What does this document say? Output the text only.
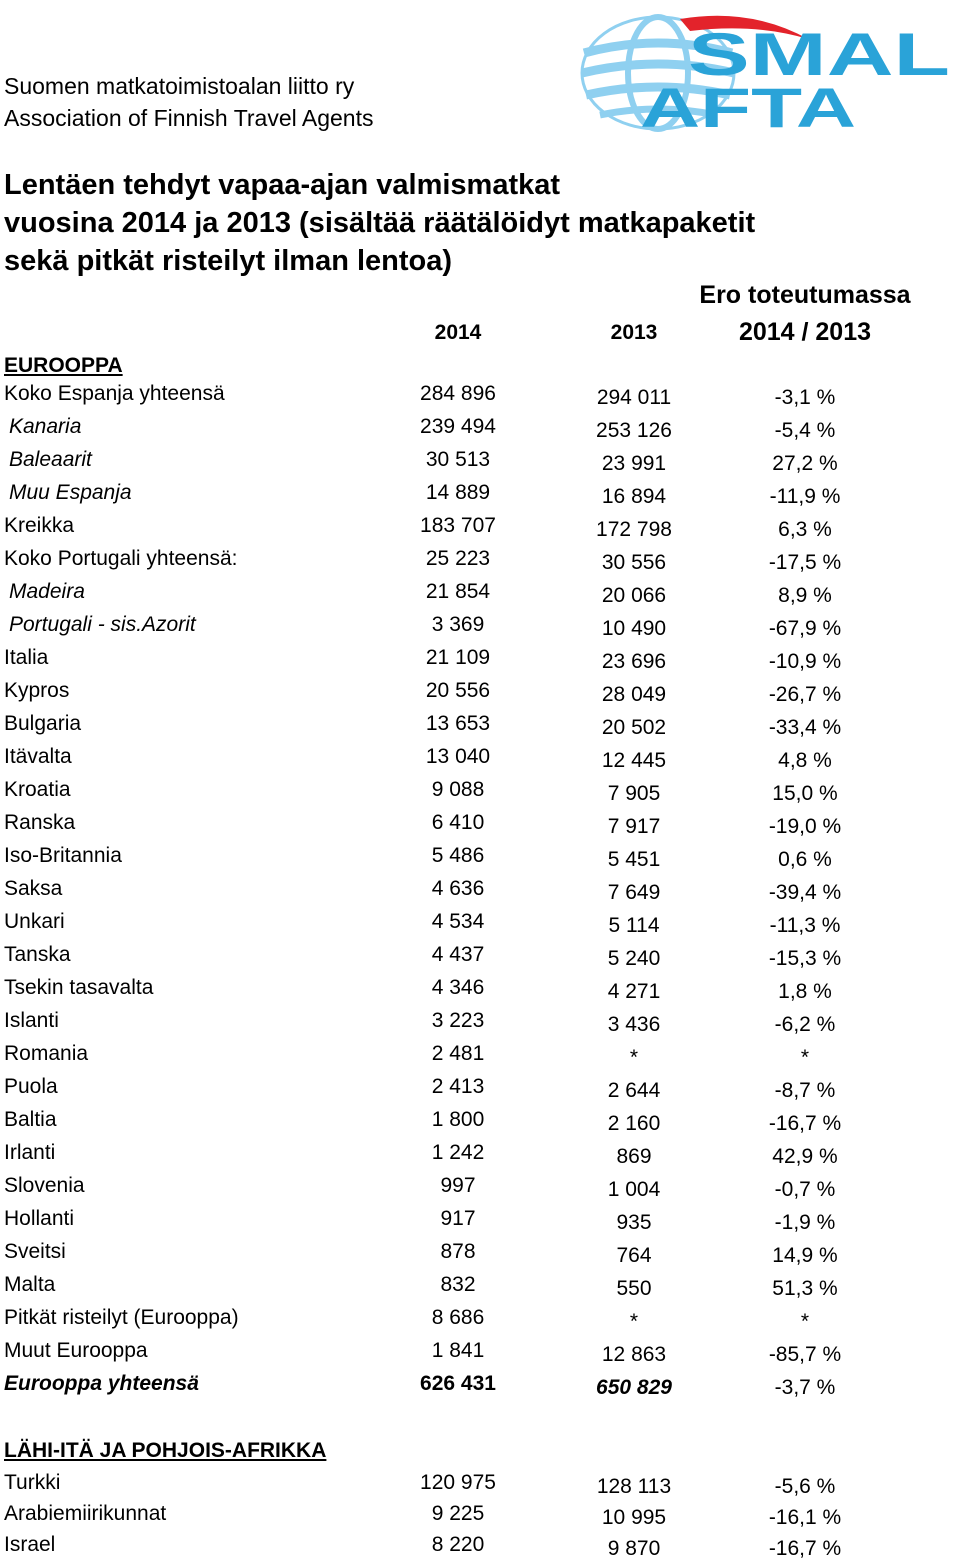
Suomen matkatoimistoalan liitto ry
Association of Finnish Travel Agents
SMAL
AFTA
Lentäen tehdyt vapaa-ajan valmismatkat
vuosina 2014 ja 2013 (sisältää räätälöidyt matkapaketit
sekä pitkät risteilyt ilman lentoa)
Ero toteutumassa
2014	2013	2014 / 2013
EUROOPPA
Koko Espanja yhteensä	284 896	294 011	-3,1 %
Kanaria	239 494	253 126	-5,4 %
Baleaarit	30 513	23 991	27,2 %
Muu Espanja	14 889	16 894	-11,9 %
Kreikka	183 707	172 798	6,3 %
Koko Portugali yhteensä:	25 223	30 556	-17,5 %
Madeira	21 854	20 066	8,9 %
Portugali - sis.Azorit	3 369	10 490	-67,9 %
Italia	21 109	23 696	-10,9 %
Kypros	20 556	28 049	-26,7 %
Bulgaria	13 653	20 502	-33,4 %
Itävalta	13 040	12 445	4,8 %
Kroatia	9 088	7 905	15,0 %
Ranska	6 410	7 917	-19,0 %
Iso-Britannia	5 486	5 451	0,6 %
Saksa	4 636	7 649	-39,4 %
Unkari	4 534	5 114	-11,3 %
Tanska	4 437	5 240	-15,3 %
Tsekin tasavalta	4 346	4 271	1,8 %
Islanti	3 223	3 436	-6,2 %
Romania	2 481	*	*
Puola	2 413	2 644	-8,7 %
Baltia	1 800	2 160	-16,7 %
Irlanti	1 242	869	42,9 %
Slovenia	997	1 004	-0,7 %
Hollanti	917	935	-1,9 %
Sveitsi	878	764	14,9 %
Malta	832	550	51,3 %
Pitkät risteilyt (Eurooppa)	8 686	*	*
Muut Eurooppa	1 841	12 863	-85,7 %
Eurooppa yhteensä	626 431	650 829	-3,7 %
LÄHI-ITÄ JA POHJOIS-AFRIKKA
Turkki	120 975	128 113	-5,6 %
Arabiemiirikunnat	9 225	10 995	-16,1 %
Israel	8 220	9 870	-16,7 %
